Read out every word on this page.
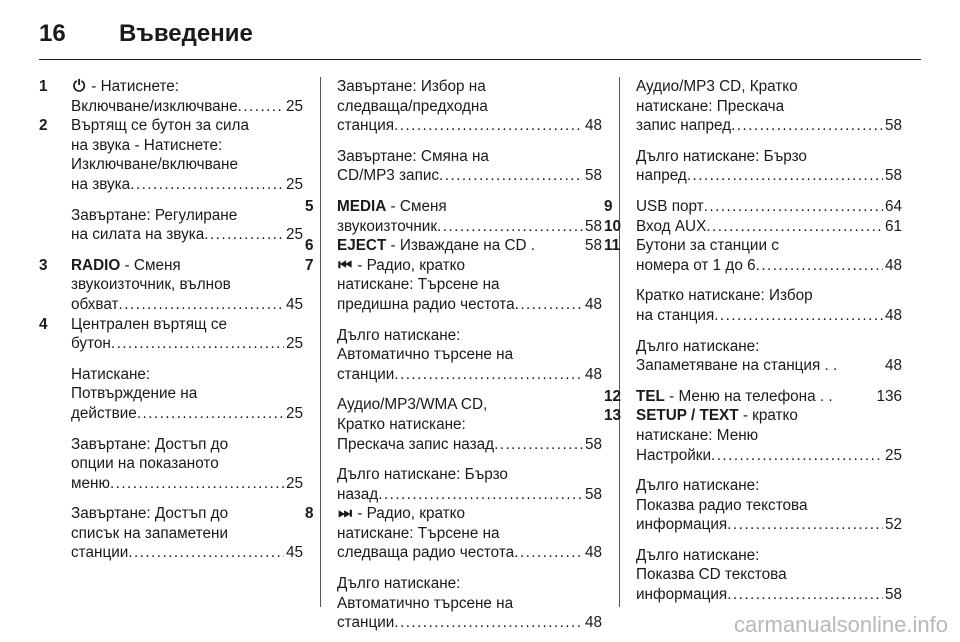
16 Въведение
1	⏻ - Натиснете:
Включване/изключване . . .	25
2	Въртящ се бутон за сила
на звука - Натиснете:
Изключване/включване
на звука . . .	25
Завъртане: Регулиране
на силата на звука . . .	25
3	RADIO - Сменя
звукоизточник, вълнов
обхват . . .	45
4	Централен въртящ се
бутон . . .	25
Натискане:
Потвърждение на
действие . . .	25
Завъртане: Достъп до
опции на показаното
меню . . .	25
Завъртане: Достъп до
списък на запаметени
станции . . .	45
Завъртане: Избор на
следваща/предходна
станция . . .	48
Завъртане: Смяна на
CD/MP3 запис . . .	58
5	MEDIA - Сменя
звукоизточник . . .	58
6	EJECT - Изваждане на CD .	58
7	⏮ - Радио, кратко
натискане: Търсене на
предишна радио честота . . .	48
Дълго натискане:
Автоматично търсене на
станции . . .	48
Аудио/MP3/WMA CD,
Кратко натискане:
Прескача запис назад . . .	58
Дълго натискане: Бързо
назад . . .	58
8	⏭ - Радио, кратко
натискане: Търсене на
следваща радио честота . . .	48
Дълго натискане:
Автоматично търсене на
станции . . .	48
Аудио/MP3 CD, Кратко
натискане: Прескача
запис напред . . .	58
Дълго натискане: Бързо
напред . . .	58
9	USB порт . . .	64
10 Вход AUX . . .	61
11	Бутони за станции с
номера от 1 до 6 . . .	48
Кратко натискане: Избор
на станция . . .	48
Дълго натискане:
Запаметяване на станция . .	48
12 TEL - Меню на телефона . .	136
13 SETUP / TEXT - кратко
натискане: Меню
Настройки . . .	25
Дълго натискане:
Показва радио текстова
информация . . .	52
Дълго натискане:
Показва CD текстова
информация . . .	58
carmanualsonline.info
